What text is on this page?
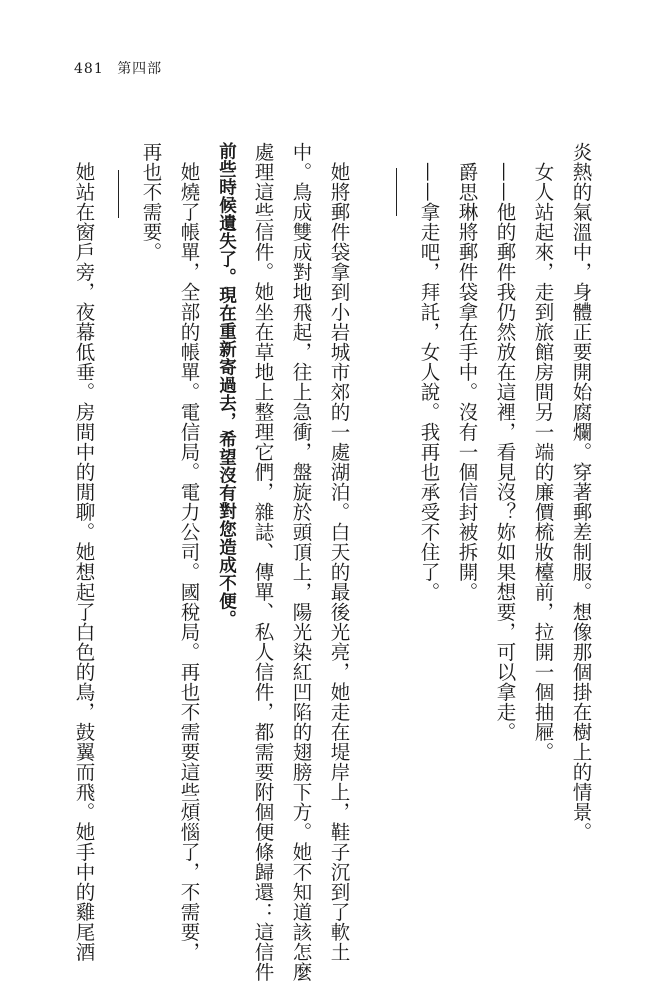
481 第四部
炎熱的氣溫中，身體正要開始腐爛。穿著郵差制服。想像那個掛在樹上的情景。
女人站起來，走到旅館房間另一端的廉價梳妝檯前，拉開一個抽屜。
——他的郵件我仍然放在這裡，看見沒？妳如果想要，可以拿走。
爵思琳將郵件袋拿在手中。沒有一個信封被拆開。
——拿走吧，拜託，女人說。我再也承受不住了。
她將郵件袋拿到小岩城市郊的一處湖泊。白天的最後光亮，她走在堤岸上，鞋子沉到了軟土
中。鳥成雙成對地飛起，往上急衝，盤旋於頭頂上，陽光染紅凹陷的翅膀下方。她不知道該怎麼
處理這些信件。她坐在草地上整理它們，雜誌、傳單、私人信件，都需要附個便條歸還：這信件
前些時候遺失了。現在重新寄過去，希望沒有對您造成不便。
她燒了帳單，全部的帳單。電信局。電力公司。國稅局。再也不需要這些煩惱了，不需要，
再也不需要。
她站在窗戶旁，夜幕低垂。房間中的閒聊。她想起了白色的鳥，鼓翼而飛。她手中的雞尾酒
